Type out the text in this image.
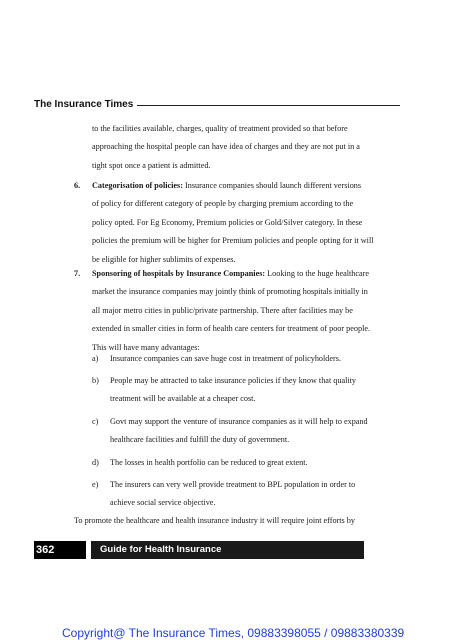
The Insurance Times
to the facilities available, charges, quality of treatment provided so that before
approaching the hospital people can have idea of charges and they are not put in a
tight spot once a patient is admitted.
6. Categorisation of policies: Insurance companies should launch different versions
of policy for different category of people by charging premium according to the
policy opted. For Eg Economy, Premium policies or Gold/Silver category. In these
policies the premium will be higher for Premium policies and people opting for it will
be eligible for higher sublimits of expenses.
7. Sponsoring of hospitals by Insurance Companies: Looking to the huge healthcare
market the insurance companies may jointly think of promoting hospitals initially in
all major metro cities in public/private partnership. There after facilities may be
extended in smaller cities in form of health care centers for treatment of poor people.
This will have many advantages:
a) Insurance companies can save huge cost in treatment of policyholders.
b) People may be attracted to take insurance policies if they know that quality
treatment will be available at a cheaper cost.
c) Govt may support the venture of insurance companies as it will help to expand
healthcare facilities and fulfill the duty of government.
d) The losses in health portfolio can be reduced to great extent.
e) The insurers can very well provide treatment to BPL population in order to
achieve social service objective.
To promote the healthcare and health insurance industry it will require joint efforts by
362	Guide for Health Insurance
Copyright@ The Insurance Times, 09883398055 / 09883380339
